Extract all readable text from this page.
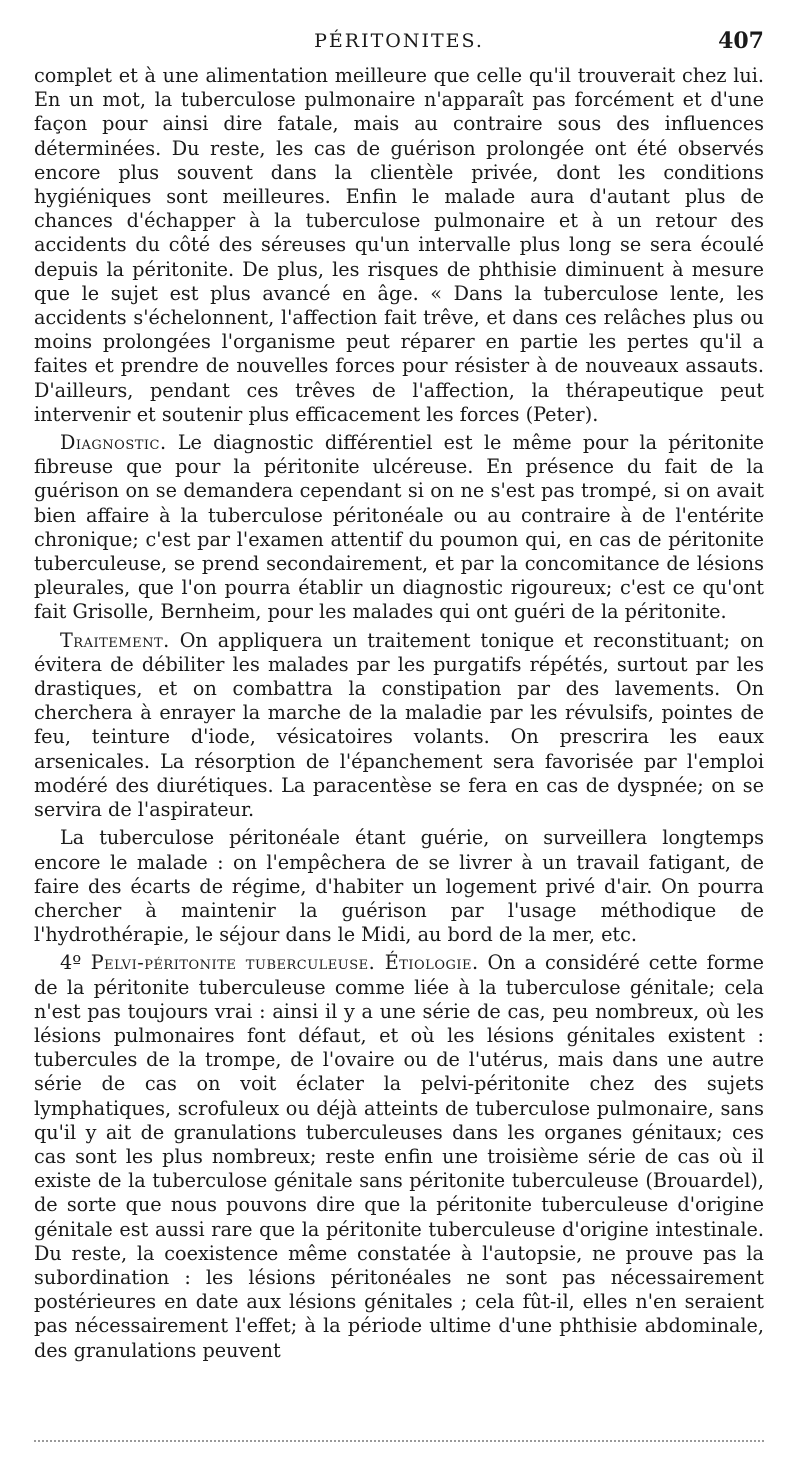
PÉRITONITES.	407

complet et à une alimentation meilleure que celle qu'il trouverait chez lui. En un mot, la tuberculose pulmonaire n'apparaît pas forcément et d'une façon pour ainsi dire fatale, mais au contraire sous des influences déterminées. Du reste, les cas de guérison prolongée ont été observés encore plus souvent dans la clientèle privée, dont les conditions hygiéniques sont meilleures. Enfin le malade aura d'autant plus de chances d'échapper à la tuberculose pulmonaire et à un retour des accidents du côté des séreuses qu'un intervalle plus long se sera écoulé depuis la péritonite. De plus, les risques de phthisie diminuent à mesure que le sujet est plus avancé en âge. « Dans la tuberculose lente, les accidents s'échelonnent, l'affection fait trêve, et dans ces relâches plus ou moins prolongées l'organisme peut réparer en partie les pertes qu'il a faites et prendre de nouvelles forces pour résister à de nouveaux assauts. D'ailleurs, pendant ces trêves de l'affection, la thérapeutique peut intervenir et soutenir plus efficacement les forces (Peter).

Diagnostic. Le diagnostic différentiel est le même pour la péritonite fibreuse que pour la péritonite ulcéreuse. En présence du fait de la guérison on se demandera cependant si on ne s'est pas trompé, si on avait bien affaire à la tuberculose péritonéale ou au contraire à de l'entérite chronique; c'est par l'examen attentif du poumon qui, en cas de péritonite tuberculeuse, se prend secondairement, et par la concomitance de lésions pleurales, que l'on pourra établir un diagnostic rigoureux; c'est ce qu'ont fait Grisolle, Bernheim, pour les malades qui ont guéri de la péritonite.

Traitement. On appliquera un traitement tonique et reconstituant; on évitera de débiliter les malades par les purgatifs répétés, surtout par les drastiques, et on combattra la constipation par des lavements. On cherchera à enrayer la marche de la maladie par les révulsifs, pointes de feu, teinture d'iode, vésicatoires volants. On prescrira les eaux arsenicales. La résorption de l'épanchement sera favorisée par l'emploi modéré des diurétiques. La paracentèse se fera en cas de dyspnée; on se servira de l'aspirateur.

La tuberculose péritonéale étant guérie, on surveillera longtemps encore le malade : on l'empêchera de se livrer à un travail fatigant, de faire des écarts de régime, d'habiter un logement privé d'air. On pourra chercher à maintenir la guérison par l'usage méthodique de l'hydrothérapie, le séjour dans le Midi, au bord de la mer, etc.

4º Pelvi-péritonite tuberculeuse. Étiologie. On a considéré cette forme de la péritonite tuberculeuse comme liée à la tuberculose génitale; cela n'est pas toujours vrai : ainsi il y a une série de cas, peu nombreux, où les lésions pulmonaires font défaut, et où les lésions génitales existent : tubercules de la trompe, de l'ovaire ou de l'utérus, mais dans une autre série de cas on voit éclater la pelvi-péritonite chez des sujets lymphatiques, scrofuleux ou déjà atteints de tuberculose pulmonaire, sans qu'il y ait de granulations tuberculeuses dans les organes génitaux; ces cas sont les plus nombreux; reste enfin une troisième série de cas où il existe de la tuberculose génitale sans péritonite tuberculeuse (Brouardel), de sorte que nous pouvons dire que la péritonite tuberculeuse d'origine génitale est aussi rare que la péritonite tuberculeuse d'origine intestinale. Du reste, la coexistence même constatée à l'autopsie, ne prouve pas la subordination : les lésions péritonéales ne sont pas nécessairement postérieures en date aux lésions génitales ; cela fût-il, elles n'en seraient pas nécessairement l'effet; à la période ultime d'une phthisie abdominale, des granulations peuvent
